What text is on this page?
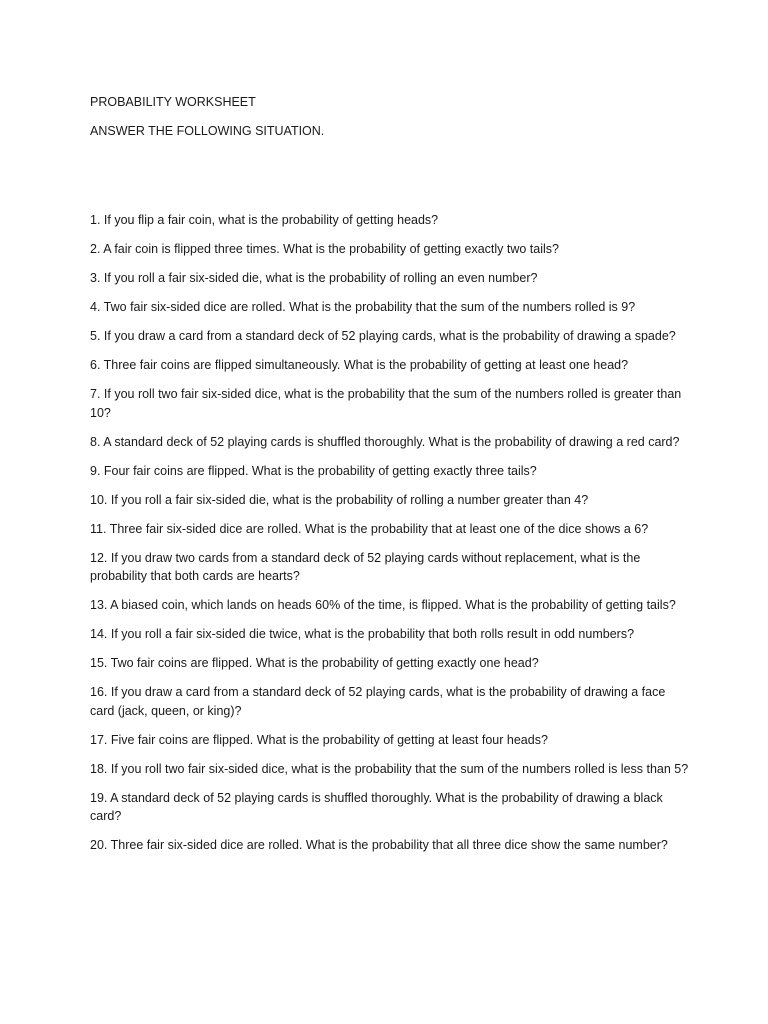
PROBABILITY WORKSHEET

ANSWER THE FOLLOWING SITUATION.

1. If you flip a fair coin, what is the probability of getting heads?
2. A fair coin is flipped three times. What is the probability of getting exactly two tails?
3. If you roll a fair six-sided die, what is the probability of rolling an even number?
4. Two fair six-sided dice are rolled. What is the probability that the sum of the numbers rolled is 9?
5. If you draw a card from a standard deck of 52 playing cards, what is the probability of drawing a spade?
6. Three fair coins are flipped simultaneously. What is the probability of getting at least one head?
7. If you roll two fair six-sided dice, what is the probability that the sum of the numbers rolled is greater than 10?
8. A standard deck of 52 playing cards is shuffled thoroughly. What is the probability of drawing a red card?
9. Four fair coins are flipped. What is the probability of getting exactly three tails?
10. If you roll a fair six-sided die, what is the probability of rolling a number greater than 4?
11. Three fair six-sided dice are rolled. What is the probability that at least one of the dice shows a 6?
12. If you draw two cards from a standard deck of 52 playing cards without replacement, what is the probability that both cards are hearts?
13. A biased coin, which lands on heads 60% of the time, is flipped. What is the probability of getting tails?
14. If you roll a fair six-sided die twice, what is the probability that both rolls result in odd numbers?
15. Two fair coins are flipped. What is the probability of getting exactly one head?
16. If you draw a card from a standard deck of 52 playing cards, what is the probability of drawing a face card (jack, queen, or king)?
17. Five fair coins are flipped. What is the probability of getting at least four heads?
18. If you roll two fair six-sided dice, what is the probability that the sum of the numbers rolled is less than 5?
19. A standard deck of 52 playing cards is shuffled thoroughly. What is the probability of drawing a black card?
20. Three fair six-sided dice are rolled. What is the probability that all three dice show the same number?
